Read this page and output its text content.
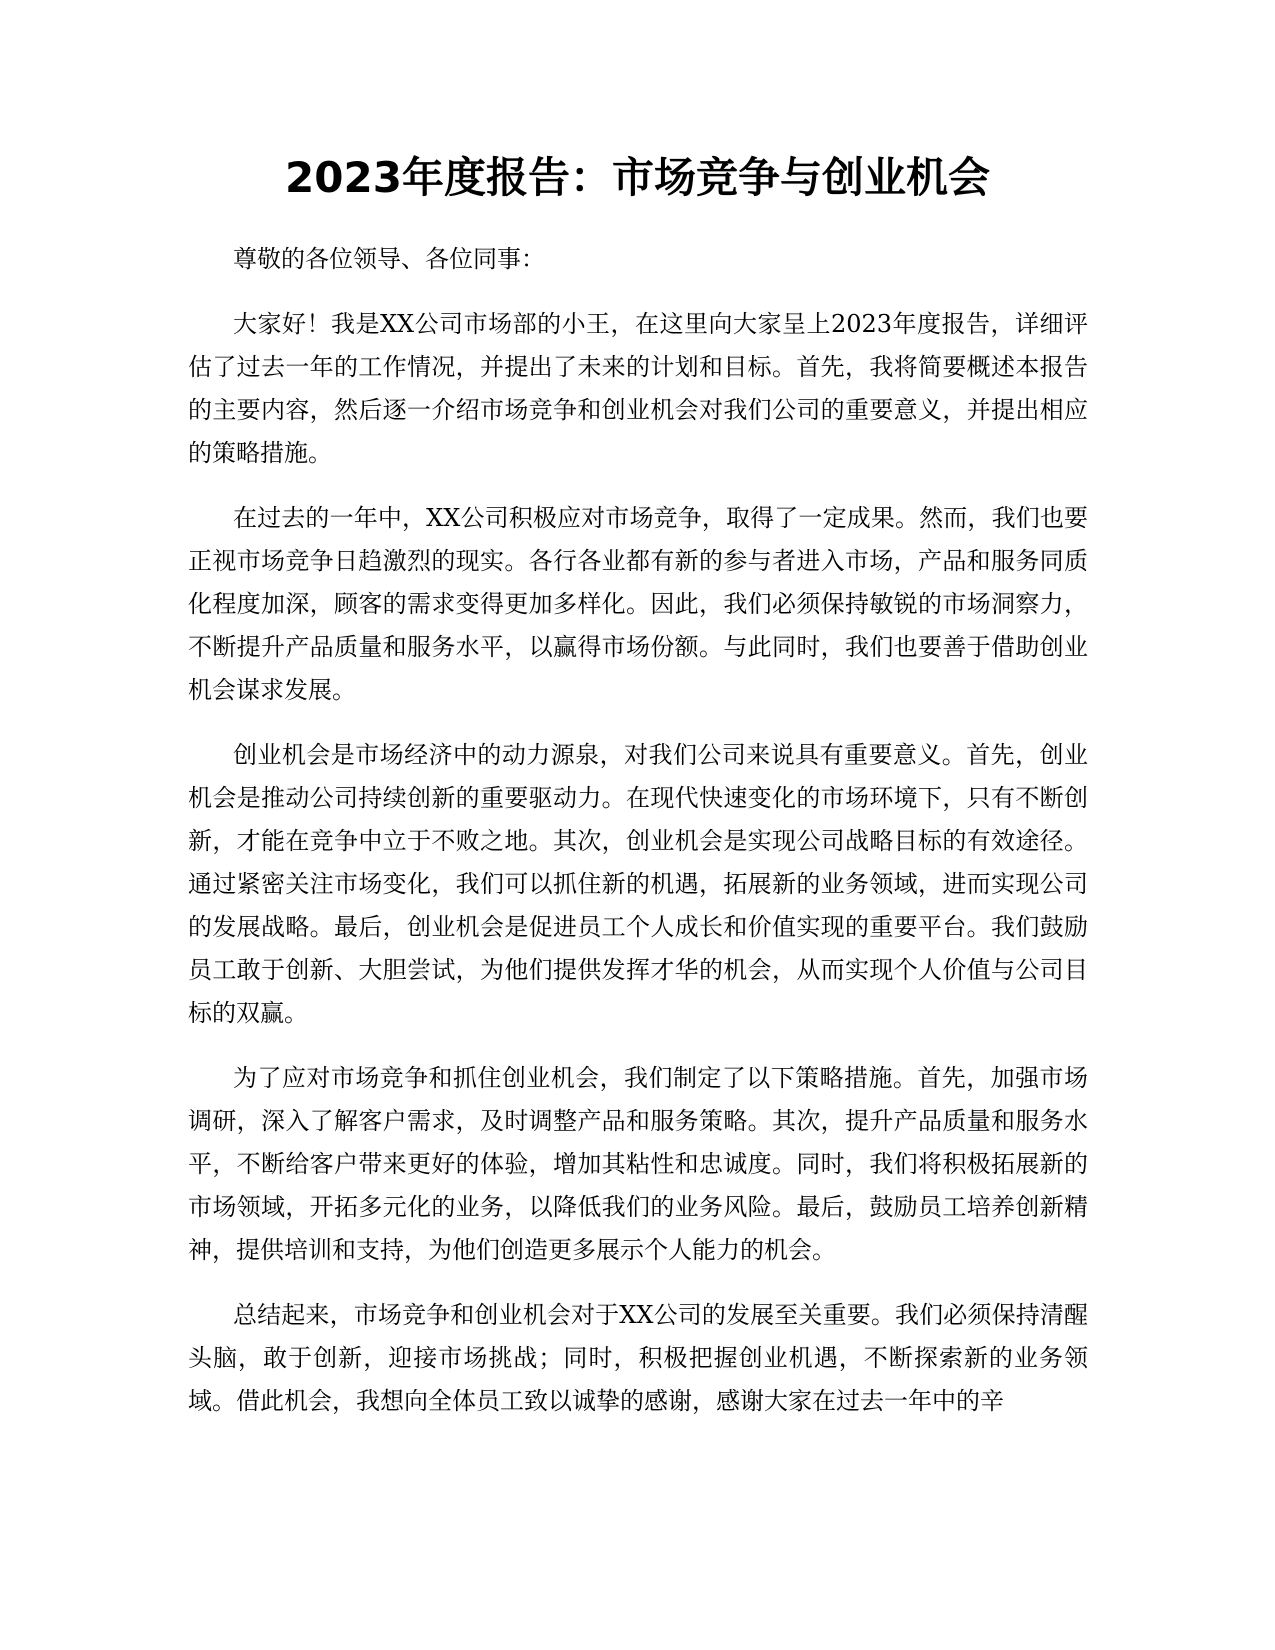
2023年度报告：市场竞争与创业机会

尊敬的各位领导、各位同事：

大家好！我是XX公司市场部的小王，在这里向大家呈上2023年度报告，详细评估了过去一年的工作情况，并提出了未来的计划和目标。首先，我将简要概述本报告的主要内容，然后逐一介绍市场竞争和创业机会对我们公司的重要意义，并提出相应的策略措施。

在过去的一年中，XX公司积极应对市场竞争，取得了一定成果。然而，我们也要正视市场竞争日趋激烈的现实。各行各业都有新的参与者进入市场，产品和服务同质化程度加深，顾客的需求变得更加多样化。因此，我们必须保持敏锐的市场洞察力，不断提升产品质量和服务水平，以赢得市场份额。与此同时，我们也要善于借助创业机会谋求发展。

创业机会是市场经济中的动力源泉，对我们公司来说具有重要意义。首先，创业机会是推动公司持续创新的重要驱动力。在现代快速变化的市场环境下，只有不断创新，才能在竞争中立于不败之地。其次，创业机会是实现公司战略目标的有效途径。通过紧密关注市场变化，我们可以抓住新的机遇，拓展新的业务领域，进而实现公司的发展战略。最后，创业机会是促进员工个人成长和价值实现的重要平台。我们鼓励员工敢于创新、大胆尝试，为他们提供发挥才华的机会，从而实现个人价值与公司目标的双赢。

为了应对市场竞争和抓住创业机会，我们制定了以下策略措施。首先，加强市场调研，深入了解客户需求，及时调整产品和服务策略。其次，提升产品质量和服务水平，不断给客户带来更好的体验，增加其粘性和忠诚度。同时，我们将积极拓展新的市场领域，开拓多元化的业务，以降低我们的业务风险。最后，鼓励员工培养创新精神，提供培训和支持，为他们创造更多展示个人能力的机会。

总结起来，市场竞争和创业机会对于XX公司的发展至关重要。我们必须保持清醒头脑，敢于创新，迎接市场挑战；同时，积极把握创业机遇，不断探索新的业务领域。借此机会，我想向全体员工致以诚挚的感谢，感谢大家在过去一年中的辛
